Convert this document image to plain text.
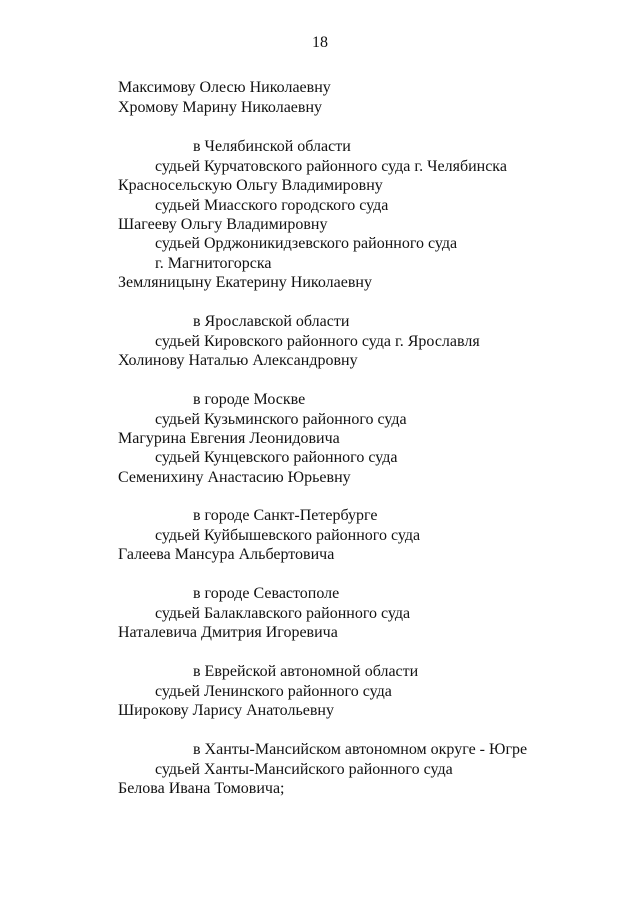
18
Максимову Олесю Николаевну
Хромову Марину Николаевну
в Челябинской области
судьей Курчатовского районного суда г. Челябинска
Красносельскую Ольгу Владимировну
судьей Миасского городского суда
Шагееву Ольгу Владимировну
судьей Орджоникидзевского районного суда
г. Магнитогорска
Земляницыну Екатерину Николаевну
в Ярославской области
судьей Кировского районного суда г. Ярославля
Холинову Наталью Александровну
в городе Москве
судьей Кузьминского районного суда
Магурина Евгения Леонидовича
судьей Кунцевского районного суда
Семенихину Анастасию Юрьевну
в городе Санкт-Петербурге
судьей Куйбышевского районного суда
Галеева Мансура Альбертовича
в городе Севастополе
судьей Балаклавского районного суда
Наталевича Дмитрия Игоревича
в Еврейской автономной области
судьей Ленинского районного суда
Широкову Ларису Анатольевну
в Ханты-Мансийском автономном округе - Югре
судьей Ханты-Мансийского районного суда
Белова Ивана Томовича;
